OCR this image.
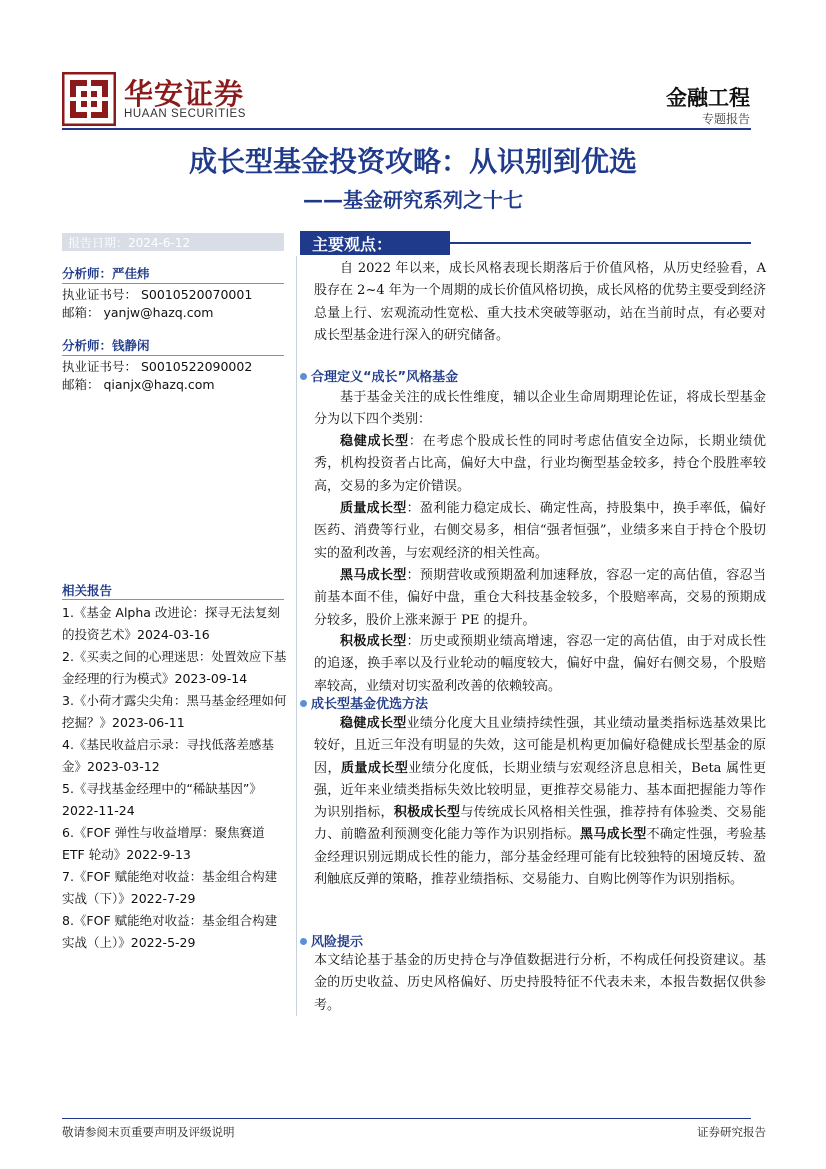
华安证券
HUAAN SECURITIES
金融工程
专题报告
成长型基金投资攻略：从识别到优选
——基金研究系列之十七
报告日期：2024-6-12
分析师：严佳炜
执业证书号： S0010520070001
邮箱： yanjw@hazq.com
分析师：钱静闲
执业证书号： S0010522090002
邮箱： qianjx@hazq.com
相关报告
1.《基金 Alpha 改进论：探寻无法复刻的投资艺术》2024-03-16
2.《买卖之间的心理迷思：处置效应下基金经理的行为模式》2023-09-14
3.《小荷才露尖尖角：黑马基金经理如何挖掘？》2023-06-11
4.《基民收益启示录：寻找低落差感基金》2023-03-12
5.《寻找基金经理中的“稀缺基因”》 2022-11-24
6.《FOF 弹性与收益增厚：聚焦赛道 ETF 轮动》2022-9-13
7.《FOF 赋能绝对收益：基金组合构建实战（下）》2022-7-29
8.《FOF 赋能绝对收益：基金组合构建实战（上）》2022-5-29
主要观点：
自 2022 年以来，成长风格表现长期落后于价值风格，从历史经验看，A 股存在 2~4 年为一个周期的成长价值风格切换，成长风格的优势主要受到经济总量上行、宏观流动性宽松、重大技术突破等驱动，站在当前时点，有必要对成长型基金进行深入的研究储备。
合理定义“成长”风格基金
基于基金关注的成长性维度，辅以企业生命周期理论佐证，将成长型基金分为以下四个类别：
稳健成长型：在考虑个股成长性的同时考虑估值安全边际，长期业绩优秀，机构投资者占比高，偏好大中盘，行业均衡型基金较多，持仓个股胜率较高，交易的多为定价错误。
质量成长型：盈利能力稳定成长、确定性高，持股集中，换手率低，偏好医药、消费等行业，右侧交易多，相信“强者恒强”，业绩多来自于持仓个股切实的盈利改善，与宏观经济的相关性高。
黑马成长型：预期营收或预期盈利加速释放，容忍一定的高估值，容忍当前基本面不佳，偏好中盘，重仓大科技基金较多，个股赔率高，交易的预期成分较多，股价上涨来源于 PE 的提升。
积极成长型：历史或预期业绩高增速，容忍一定的高估值，由于对成长性的追逐，换手率以及行业轮动的幅度较大，偏好中盘，偏好右侧交易，个股赔率较高，业绩对切实盈利改善的依赖较高。
成长型基金优选方法
稳健成长型业绩分化度大且业绩持续性强，其业绩动量类指标选基效果比较好，且近三年没有明显的失效，这可能是机构更加偏好稳健成长型基金的原因，质量成长型业绩分化度低，长期业绩与宏观经济息息相关，Beta 属性更强，近年来业绩类指标失效比较明显，更推荐交易能力、基本面把握能力等作为识别指标，积极成长型与传统成长风格相关性强，推荐持有体验类、交易能力、前瞻盈利预测变化能力等作为识别指标。黑马成长型不确定性强，考验基金经理识别远期成长性的能力，部分基金经理可能有比较独特的困境反转、盈利触底反弹的策略，推荐业绩指标、交易能力、自购比例等作为识别指标。
风险提示
本文结论基于基金的历史持仓与净值数据进行分析，不构成任何投资建议。基金的历史收益、历史风格偏好、历史持股特征不代表未来，本报告数据仅供参考。
敬请参阅末页重要声明及评级说明	证券研究报告
